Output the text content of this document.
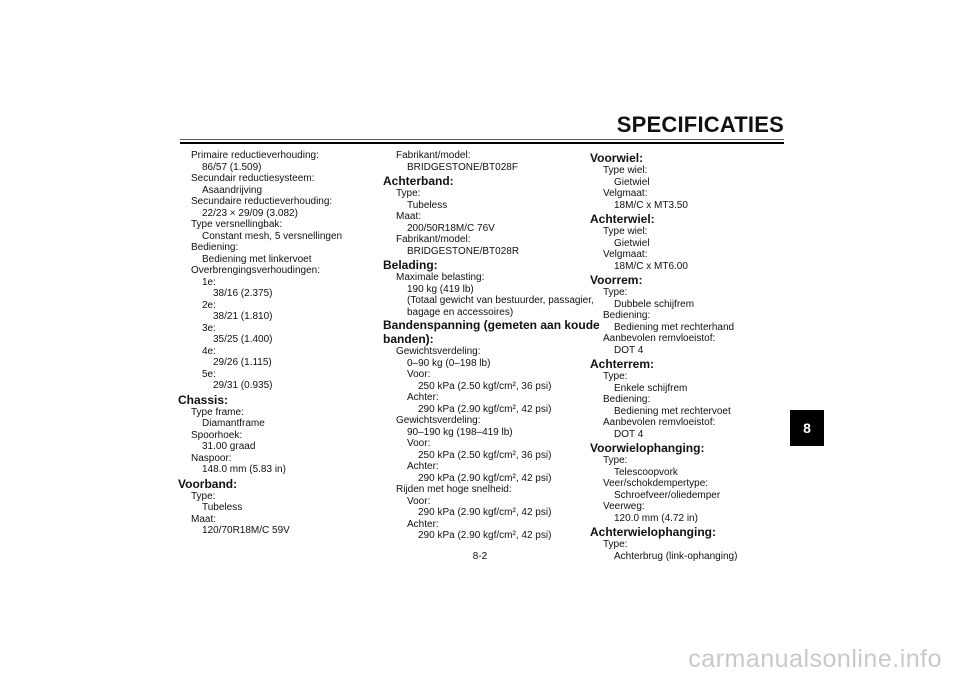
SPECIFICATIES
Primaire reductieverhouding:
86/57 (1.509)
Secundair reductiesysteem:
Asaandrijving
Secundaire reductieverhouding:
22/23 × 29/09 (3.082)
Type versnellingbak:
Constant mesh, 5 versnellingen
Bediening:
Bediening met linkervoet
Overbrengingsverhoudingen:
1e:
38/16 (2.375)
2e:
38/21 (1.810)
3e:
35/25 (1.400)
4e:
29/26 (1.115)
5e:
29/31 (0.935)
Chassis:
Type frame:
Diamantframe
Spoorhoek:
31.00 graad
Naspoor:
148.0 mm (5.83 in)
Voorband:
Type:
Tubeless
Maat:
120/70R18M/C 59V
Fabrikant/model:
BRIDGESTONE/BT028F
Achterband:
Type:
Tubeless
Maat:
200/50R18M/C 76V
Fabrikant/model:
BRIDGESTONE/BT028R
Belading:
Maximale belasting:
190 kg (419 lb)
(Totaal gewicht van bestuurder, passagier,
bagage en accessoires)
Bandenspanning (gemeten aan koude
banden):
Gewichtsverdeling:
0–90 kg (0–198 lb)
Voor:
250 kPa (2.50 kgf/cm², 36 psi)
Achter:
290 kPa (2.90 kgf/cm², 42 psi)
Gewichtsverdeling:
90–190 kg (198–419 lb)
Voor:
250 kPa (2.50 kgf/cm², 36 psi)
Achter:
290 kPa (2.90 kgf/cm², 42 psi)
Rijden met hoge snelheid:
Voor:
290 kPa (2.90 kgf/cm², 42 psi)
Achter:
290 kPa (2.90 kgf/cm², 42 psi)
Voorwiel:
Type wiel:
Gietwiel
Velgmaat:
18M/C x MT3.50
Achterwiel:
Type wiel:
Gietwiel
Velgmaat:
18M/C x MT6.00
Voorrem:
Type:
Dubbele schijfrem
Bediening:
Bediening met rechterhand
Aanbevolen remvloeistof:
DOT 4
Achterrem:
Type:
Enkele schijfrem
Bediening:
Bediening met rechtervoet
Aanbevolen remvloeistof:
DOT 4
Voorwielophanging:
Type:
Telescoopvork
Veer/schokdempertype:
Schroefveer/oliedemper
Veerweg:
120.0 mm (4.72 in)
Achterwielophanging:
Type:
Achterbrug (link-ophanging)
8
8-2
carmanualsonline.info
